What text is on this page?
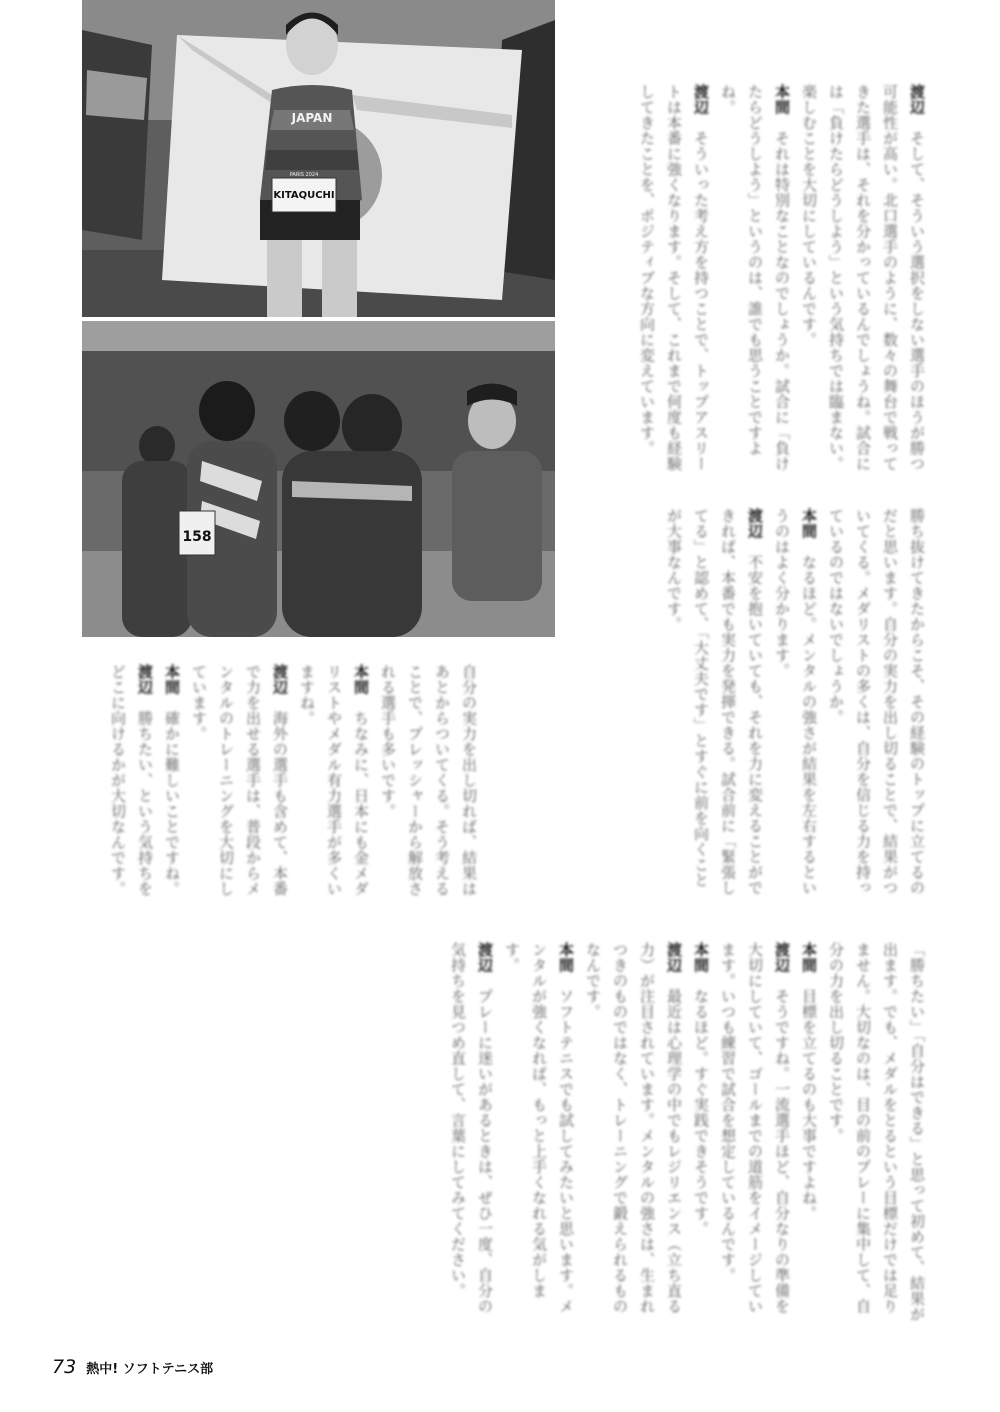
KITAQUCHI
PARIS 2024
JAPAN
158

渡辺　そして、そういう選択をしない選手のほうが勝つ可能性が高い。北口選手のように、数々の舞台で戦ってきた選手は、それを分かっているんでしょうね。試合には「負けたらどうしよう」という気持ちでは臨まない。楽しむことを大切にしているんです。

本間　それは特別なことなのでしょうか。試合に「負けたらどうしよう」というのは、誰でも思うことですよね。

渡辺　そういった考え方を持つことで、トップアスリートは本番に強くなります。そして、これまで何度も経験してきたことを、ポジティブな方向に変えています。

勝ち抜けてきたからこそ、その経験のトップに立てるのだと思います。自分の実力を出し切ることで、結果がついてくる。メダリストの多くは、自分を信じる力を持っているのではないでしょうか。

本間　なるほど。メンタルの強さが結果を左右するというのはよく分かります。

渡辺　不安を抱いていても、それを力に変えることができれば、本番でも実力を発揮できる。試合前に「緊張してる」と認めて、「大丈夫です」とすぐに前を向くことが大事なんです。

自分の実力を出し切れば、結果はあとからついてくる。そう考えることで、プレッシャーから解放される選手も多いです。

本間　ちなみに、日本にも金メダリストやメダル有力選手が多くいますね。

渡辺　海外の選手も含めて、本番で力を出せる選手は、普段からメンタルのトレーニングを大切にしています。

本間　確かに難しいことですね。

渡辺　勝ちたい、という気持ちをどこに向けるかが大切なんです。

「勝ちたい」「自分はできる」と思って初めて、結果が出ます。でも、メダルをとるという目標だけでは足りません。大切なのは、目の前のプレーに集中して、自分の力を出し切ることです。

本間　目標を立てるのも大事ですよね。

渡辺　そうですね。一流選手ほど、自分なりの準備を大切にしていて、ゴールまでの道筋をイメージしています。いつも練習で試合を想定しているんです。

本間　なるほど。すぐ実践できそうです。

渡辺　最近は心理学の中でもレジリエンス（立ち直る力）が注目されています。メンタルの強さは、生まれつきのものではなく、トレーニングで鍛えられるものなんです。

本間　ソフトテニスでも試してみたいと思います。メンタルが強くなれば、もっと上手くなれる気がします。

渡辺　プレーに迷いがあるときは、ぜひ一度、自分の気持ちを見つめ直して、言葉にしてみてください。

73 熱中! ソフトテニス部
